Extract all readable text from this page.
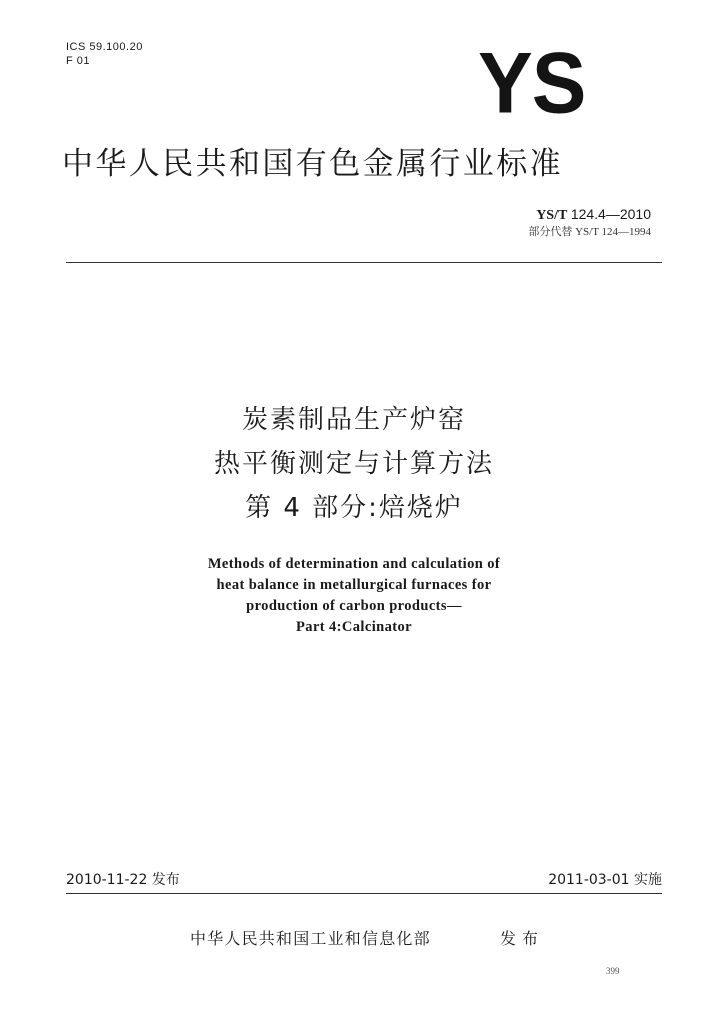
ICS 59.100.20
F 01	YS
中华人民共和国有色金属行业标准
YS/T 124.4—2010
部分代替 YS/T 124—1994
炭素制品生产炉窑
热平衡测定与计算方法
第 4 部分:焙烧炉
Methods of determination and calculation of
heat balance in metallurgical furnaces for
production of carbon products—
Part 4:Calcinator
2010-11-22 发布	2011-03-01 实施
中华人民共和国工业和信息化部	发布
399
